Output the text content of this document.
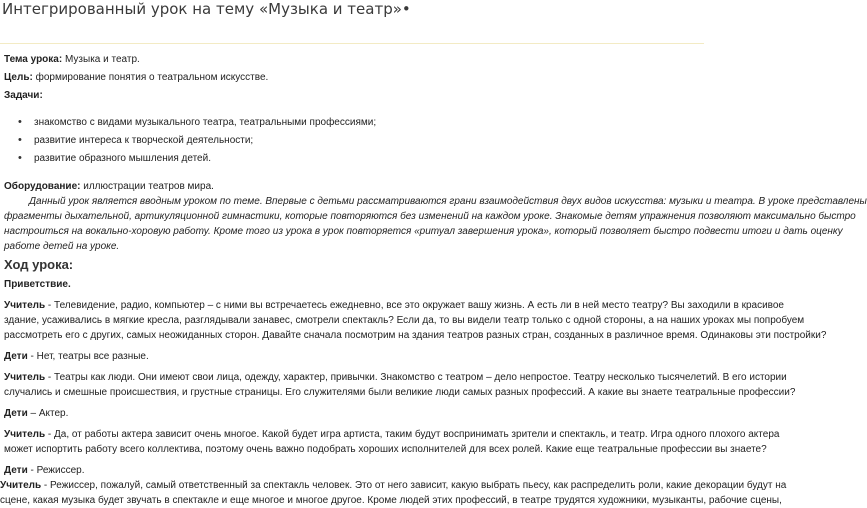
Интегрированный урок на тему «Музыка и театр»•
Тема урока: Музыка и театр.
Цель: формирование понятия о театральном искусстве.
Задачи:
• знакомство с видами музыкального театра, театральными профессиями;
• развитие интереса к творческой деятельности;
• развитие образного мышления детей.
Оборудование: иллюстрации театров мира.
Данный урок является вводным уроком по теме. Впервые с детьми рассматриваются грани взаимодействия двух видов искусства: музыки и театра. В уроке представлены
фрагменты дыхательной, артикуляционной гимнастики, которые повторяются без изменений на каждом уроке. Знакомые детям упражнения позволяют максимально быстро
настроиться на вокально-хоровую работу. Кроме того из урока в урок повторяется «ритуал завершения урока», который позволяет быстро подвести итоги и дать оценку
работе детей на уроке.
Ход урока:
Приветствие.
Учитель - Телевидение, радио, компьютер – с ними вы встречаетесь ежедневно, все это окружает вашу жизнь. А есть ли в ней место театру? Вы заходили в красивое
здание, усаживались в мягкие кресла, разглядывали занавес, смотрели спектакль? Если да, то вы видели театр только с одной стороны, а на наших уроках мы попробуем
рассмотреть его с других, самых неожиданных сторон. Давайте сначала посмотрим на здания театров разных стран, созданных в различное время. Одинаковы эти постройки?
Дети - Нет, театры все разные.
Учитель - Театры как люди. Они имеют свои лица, одежду, характер, привычки. Знакомство с театром – дело непростое. Театру несколько тысячелетий. В его истории
случались и смешные происшествия, и грустные страницы. Его служителями были великие люди самых разных профессий. А какие вы знаете театральные профессии?
Дети – Актер.
Учитель - Да, от работы актера зависит очень многое. Какой будет игра артиста, таким будут воспринимать зрители и спектакль, и театр. Игра одного плохого актера
может испортить работу всего коллектива, поэтому очень важно подобрать хороших исполнителей для всех ролей. Какие еще театральные профессии вы знаете?
Дети - Режиссер.
Учитель - Режиссер, пожалуй, самый ответственный за спектакль человек. Это от него зависит, какую выбрать пьесу, как распределить роли, какие декорации будут на
сцене, какая музыка будет звучать в спектакле и еще многое и многое другое. Кроме людей этих профессий, в театре трудятся художники, музыканты, рабочие сцены,
